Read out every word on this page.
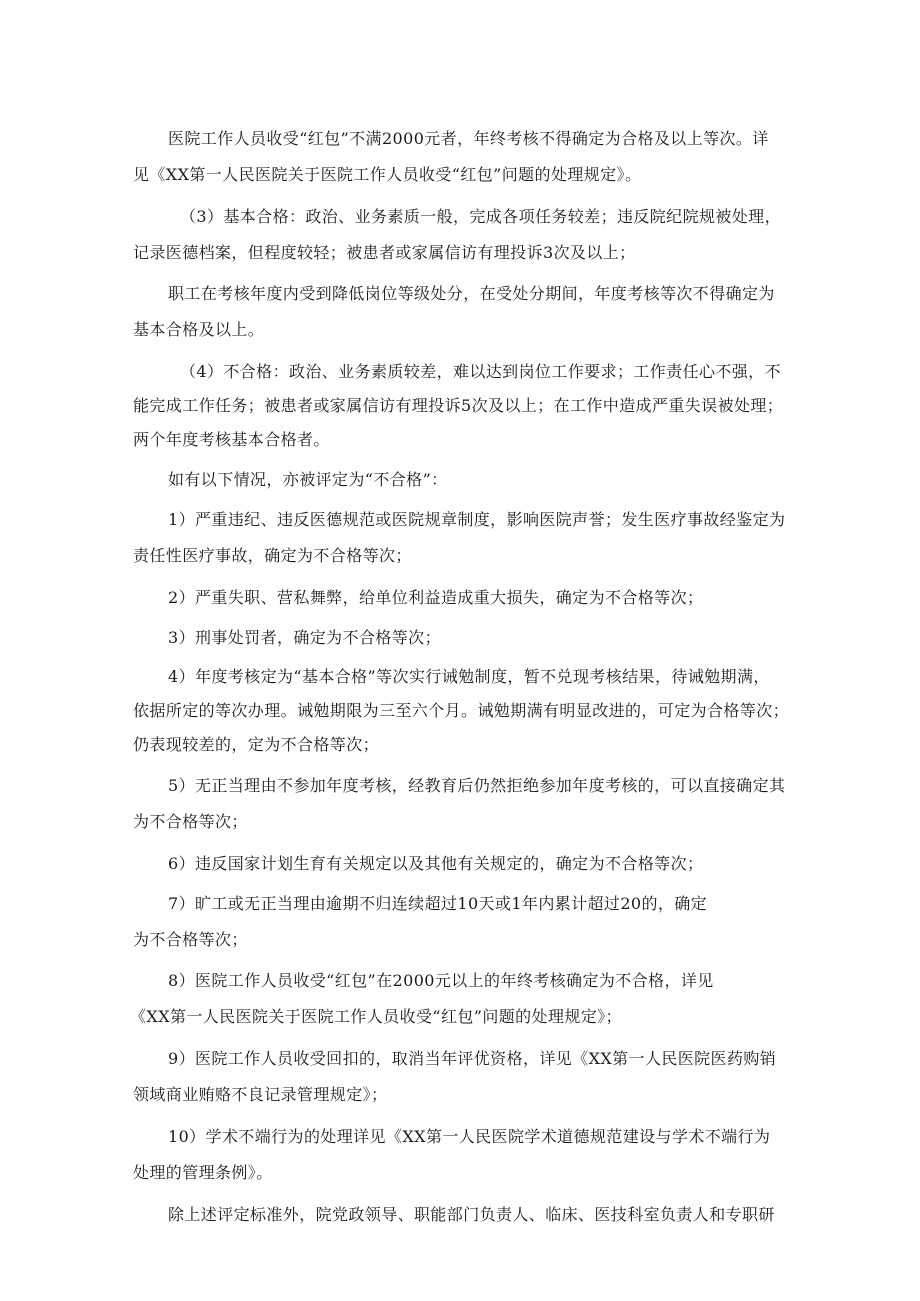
医院工作人员收受“红包”不满2000元者，年终考核不得确定为合格及以上等次。详
见《XX第一人民医院关于医院工作人员收受“红包”问题的处理规定》。
（3）基本合格：政治、业务素质一般，完成各项任务较差；违反院纪院规被处理，
记录医德档案，但程度较轻；被患者或家属信访有理投诉3次及以上；
职工在考核年度内受到降低岗位等级处分，在受处分期间，年度考核等次不得确定为
基本合格及以上。
（4）不合格：政治、业务素质较差，难以达到岗位工作要求；工作责任心不强，不
能完成工作任务；被患者或家属信访有理投诉5次及以上；在工作中造成严重失误被处理；
两个年度考核基本合格者。
如有以下情况，亦被评定为“不合格”：
1）严重违纪、违反医德规范或医院规章制度，影响医院声誉；发生医疗事故经鉴定为
责任性医疗事故，确定为不合格等次；
2）严重失职、营私舞弊，给单位利益造成重大损失，确定为不合格等次；
3）刑事处罚者，确定为不合格等次；
4）年度考核定为“基本合格”等次实行诫勉制度，暂不兑现考核结果，待诫勉期满，
依据所定的等次办理。诫勉期限为三至六个月。诫勉期满有明显改进的，可定为合格等次；
仍表现较差的，定为不合格等次；
5）无正当理由不参加年度考核，经教育后仍然拒绝参加年度考核的，可以直接确定其
为不合格等次；
6）违反国家计划生育有关规定以及其他有关规定的，确定为不合格等次；
7）旷工或无正当理由逾期不归连续超过10天或1年内累计超过20的，确定
为不合格等次；
8）医院工作人员收受“红包”在2000元以上的年终考核确定为不合格，详见
《XX第一人民医院关于医院工作人员收受“红包”问题的处理规定》；
9）医院工作人员收受回扣的，取消当年评优资格，详见《XX第一人民医院医药购销
领域商业贿赂不良记录管理规定》；
10）学术不端行为的处理详见《XX第一人民医院学术道德规范建设与学术不端行为
处理的管理条例》。
除上述评定标准外，院党政领导、职能部门负责人、临床、医技科室负责人和专职研
